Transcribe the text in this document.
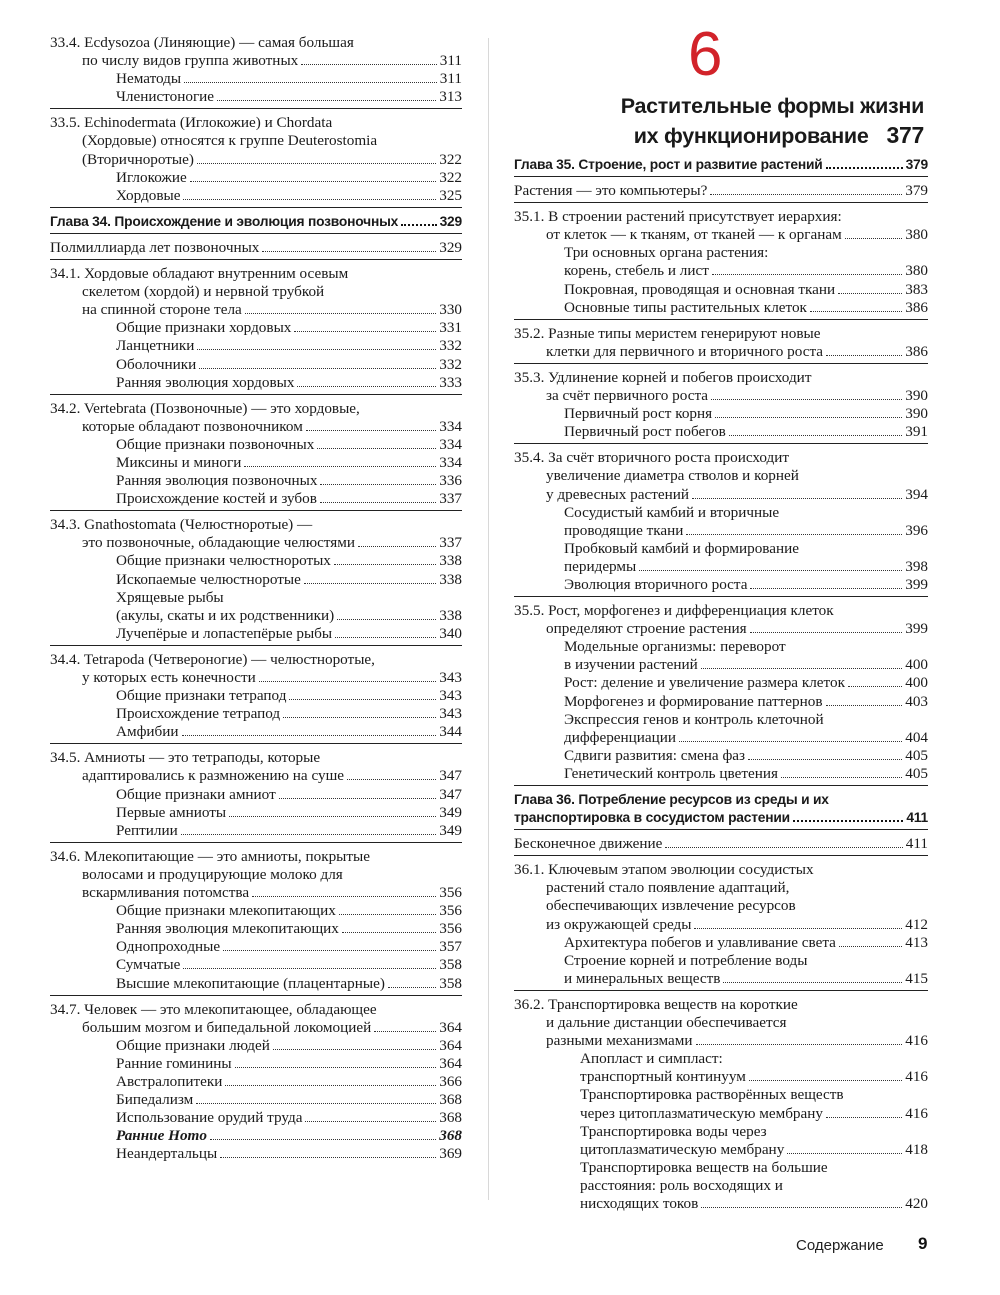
33.4. Ecdysozoa (Линяющие) — самая большая
по числу видов группа животных	311
Нематоды	311
Членистоногие	313
33.5. Echinodermata (Иглокожие) и Chordata
(Хордовые) относятся к группе Deuterostomia
(Вторичноротые)	322
Иглокожие	322
Хордовые	325
Глава 34. Происхождение и эволюция позвоночных	329
Полмиллиарда лет позвоночных	329
34.1. Хордовые обладают внутренним осевым
скелетом (хордой) и нервной трубкой
на спинной стороне тела	330
Общие признаки хордовых	331
Ланцетники	332
Оболочники	332
Ранняя эволюция хордовых	333
34.2. Vertebrata (Позвоночные) — это хордовые,
которые обладают позвоночником	334
Общие признаки позвоночных	334
Миксины и миноги	334
Ранняя эволюция позвоночных	336
Происхождение костей и зубов	337
34.3. Gnathostomata (Челюстноротые) —
это позвоночные, обладающие челюстями	337
Общие признаки челюстноротых	338
Ископаемые челюстноротые	338
Хрящевые рыбы
(акулы, скаты и их родственники)	338
Лучепёрые и лопастепёрые рыбы	340
34.4. Tetrapoda (Четвероногие) — челюстноротые,
у которых есть конечности	343
Общие признаки тетрапод	343
Происхождение тетрапод	343
Амфибии	344
34.5. Амниоты — это тетраподы, которые
адаптировались к размножению на суше	347
Общие признаки амниот	347
Первые амниоты	349
Рептилии	349
34.6. Млекопитающие — это амниоты, покрытые
волосами и продуцирующие молоко для
вскармливания потомства	356
Общие признаки млекопитающих	356
Ранняя эволюция млекопитающих	356
Однопроходные	357
Сумчатые	358
Высшие млекопитающие (плацентарные)	358
34.7. Человек — это млекопитающее, обладающее
большим мозгом и бипедальной локомоцией	364
Общие признаки людей	364
Ранние гоминины	364
Австралопитеки	366
Бипедализм	368
Использование орудий труда	368
Ранние Homo	368
Неандертальцы	369
6
Растительные формы жизни
их функционирование 377
Глава 35. Строение, рост и развитие растений	379
Растения — это компьютеры?	379
35.1. В строении растений присутствует иерархия:
от клеток — к тканям, от тканей — к органам	380
Три основных органа растения:
корень, стебель и лист	380
Покровная, проводящая и основная ткани	383
Основные типы растительных клеток	386
35.2. Разные типы меристем генерируют новые
клетки для первичного и вторичного роста	386
35.3. Удлинение корней и побегов происходит
за счёт первичного роста	390
Первичный рост корня	390
Первичный рост побегов	391
35.4. За счёт вторичного роста происходит
увеличение диаметра стволов и корней
у древесных растений	394
Сосудистый камбий и вторичные
проводящие ткани	396
Пробковый камбий и формирование
перидермы	398
Эволюция вторичного роста	399
35.5. Рост, морфогенез и дифференциация клеток
определяют строение растения	399
Модельные организмы: переворот
в изучении растений	400
Рост: деление и увеличение размера клеток	400
Морфогенез и формирование паттернов	403
Экспрессия генов и контроль клеточной
дифференциации	404
Сдвиги развития: смена фаз	405
Генетический контроль цветения	405
Глава 36. Потребление ресурсов из среды и их
транспортировка в сосудистом растении	411
Бесконечное движение	411
36.1. Ключевым этапом эволюции сосудистых
растений стало появление адаптаций,
обеспечивающих извлечение ресурсов
из окружающей среды	412
Архитектура побегов и улавливание света	413
Строение корней и потребление воды
и минеральных веществ	415
36.2. Транспортировка веществ на короткие
и дальние дистанции обеспечивается
разными механизмами	416
Апопласт и симпласт:
транспортный континуум	416
Транспортировка растворённых веществ
через цитоплазматическую мембрану	416
Транспортировка воды через
цитоплазматическую мембрану	418
Транспортировка веществ на большие
расстояния: роль восходящих и
нисходящих токов	420
Содержание 9
